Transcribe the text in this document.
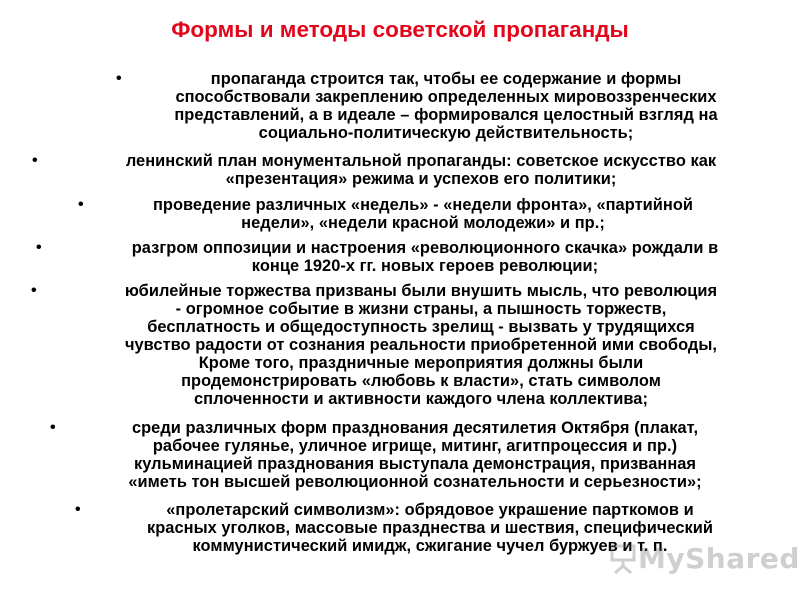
Формы и методы советской пропаганды
•	пропаганда строится так, чтобы ее содержание и формы
способствовали закреплению определенных мировоззренческих
представлений, а в идеале – формировался целостный взгляд на
социально-политическую действительность;
•	ленинский план монументальной пропаганды: советское искусство как
«презентация» режима и успехов его политики;
•	проведение различных «недель» - «недели фронта», «партийной
недели», «недели красной молодежи» и пр.;
•	разгром оппозиции и настроения «революционного скачка» рождали в
конце 1920-х гг. новых героев революции;
•	юбилейные торжества призваны были внушить мысль, что революция
- огромное событие в жизни страны, а пышность торжеств,
бесплатность и общедоступность зрелищ - вызвать у трудящихся
чувство радости от сознания реальности приобретенной ими свободы,
Кроме того, праздничные мероприятия должны были
продемонстрировать «любовь к власти», стать символом
сплоченности и активности каждого члена коллектива;
•	среди различных форм празднования десятилетия Октября (плакат,
рабочее гулянье, уличное игрище, митинг, агитпроцессия и пр.)
кульминацией празднования выступала демонстрация, призванная
«иметь тон высшей революционной сознательности и серьезности»;
•	«пролетарский символизм»: обрядовое украшение парткомов и
красных уголков, массовые празднества и шествия, специфический
коммунистический имидж, сжигание чучел буржуев и т. п.
MyShared
